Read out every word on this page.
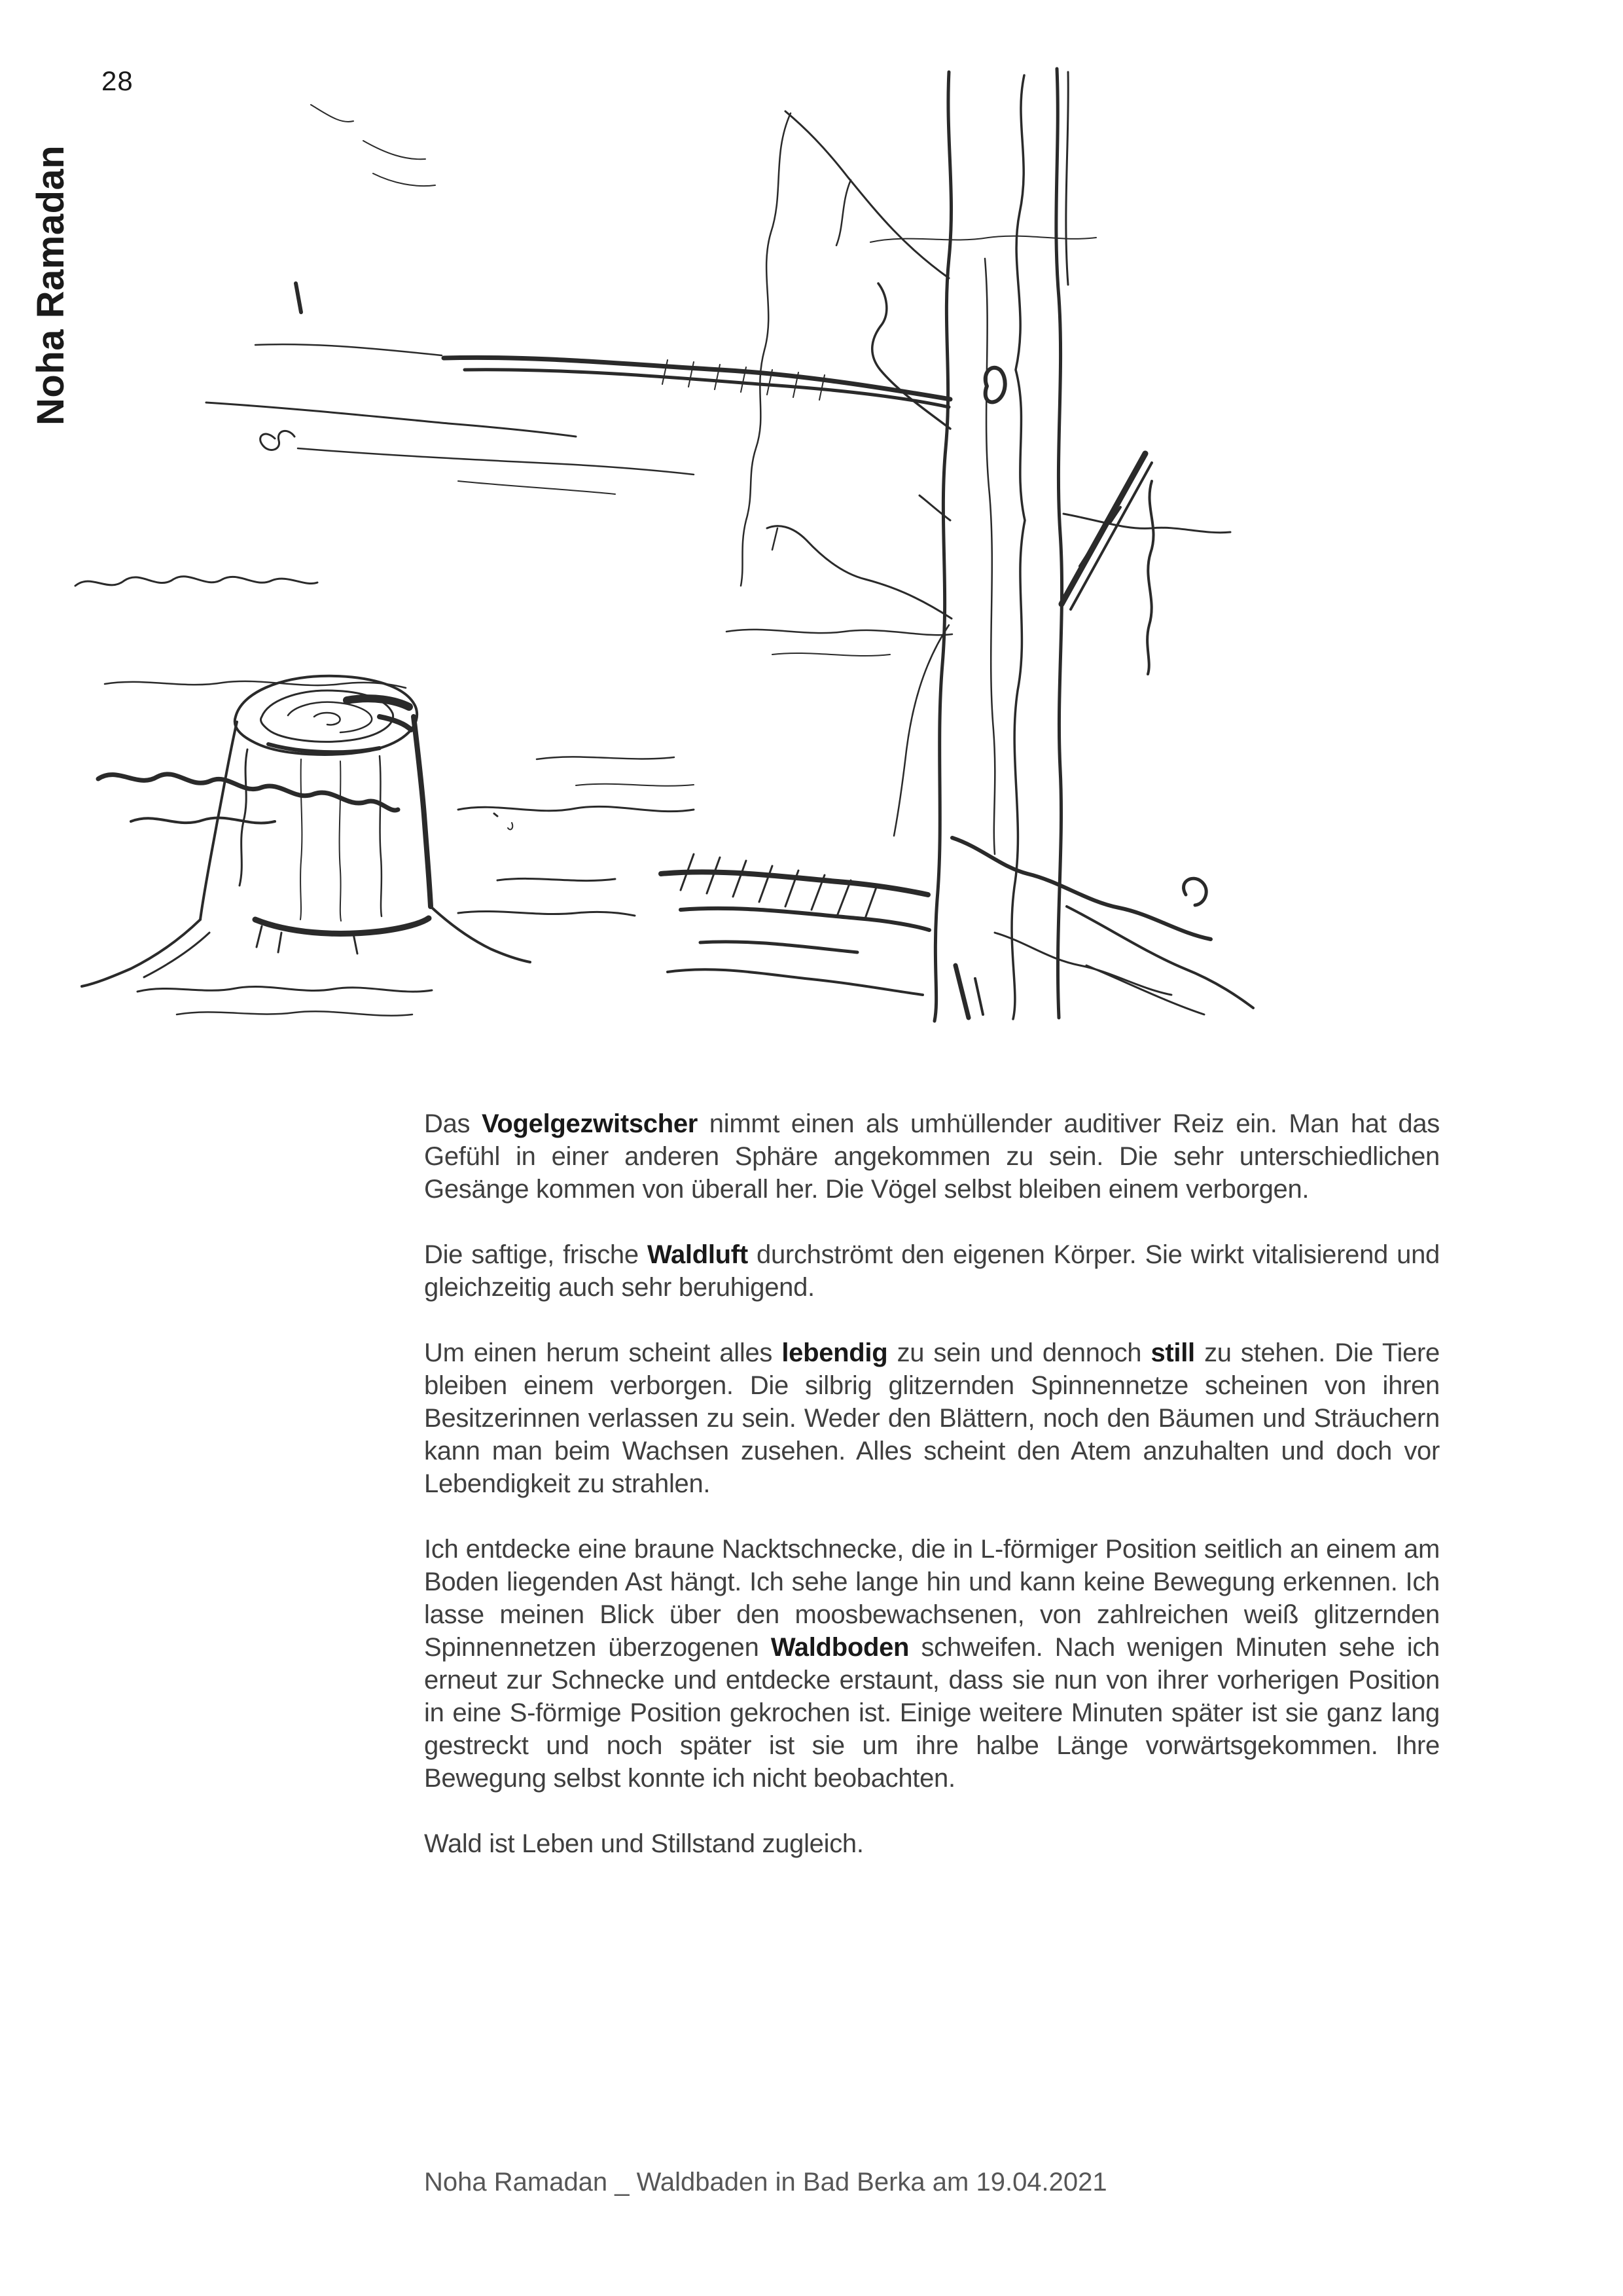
28
Noha Ramadan

Das Vogelgezwitscher nimmt einen als umhüllender auditiver Reiz ein. Man hat das Gefühl in einer anderen Sphäre angekommen zu sein. Die sehr unterschiedlichen Gesänge kommen von überall her. Die Vögel selbst bleiben einem verborgen.

Die saftige, frische Waldluft durchströmt den eigenen Körper. Sie wirkt vitalisierend und gleichzeitig auch sehr beruhigend.

Um einen herum scheint alles lebendig zu sein und dennoch still zu stehen. Die Tiere bleiben einem verborgen. Die silbrig glitzernden Spinnennetze scheinen von ihren Besitzerinnen verlassen zu sein. Weder den Blättern, noch den Bäumen und Sträuchern kann man beim Wachsen zusehen. Alles scheint den Atem anzuhalten und doch vor Lebendigkeit zu strahlen.

Ich entdecke eine braune Nacktschnecke, die in L-förmiger Position seitlich an einem am Boden liegenden Ast hängt. Ich sehe lange hin und kann keine Bewegung erkennen. Ich lasse meinen Blick über den moosbewachsenen, von zahlreichen weiß glitzernden Spinnennetzen überzogenen Waldboden schweifen. Nach wenigen Minuten sehe ich erneut zur Schnecke und entdecke erstaunt, dass sie nun von ihrer vorherigen Position in eine S-förmige Position gekrochen ist. Einige weitere Minuten später ist sie ganz lang gestreckt und noch später ist sie um ihre halbe Länge vorwärtsgekommen. Ihre Bewegung selbst konnte ich nicht beobachten.

Wald ist Leben und Stillstand zugleich.

Noha Ramadan _ Waldbaden in Bad Berka am 19.04.2021
